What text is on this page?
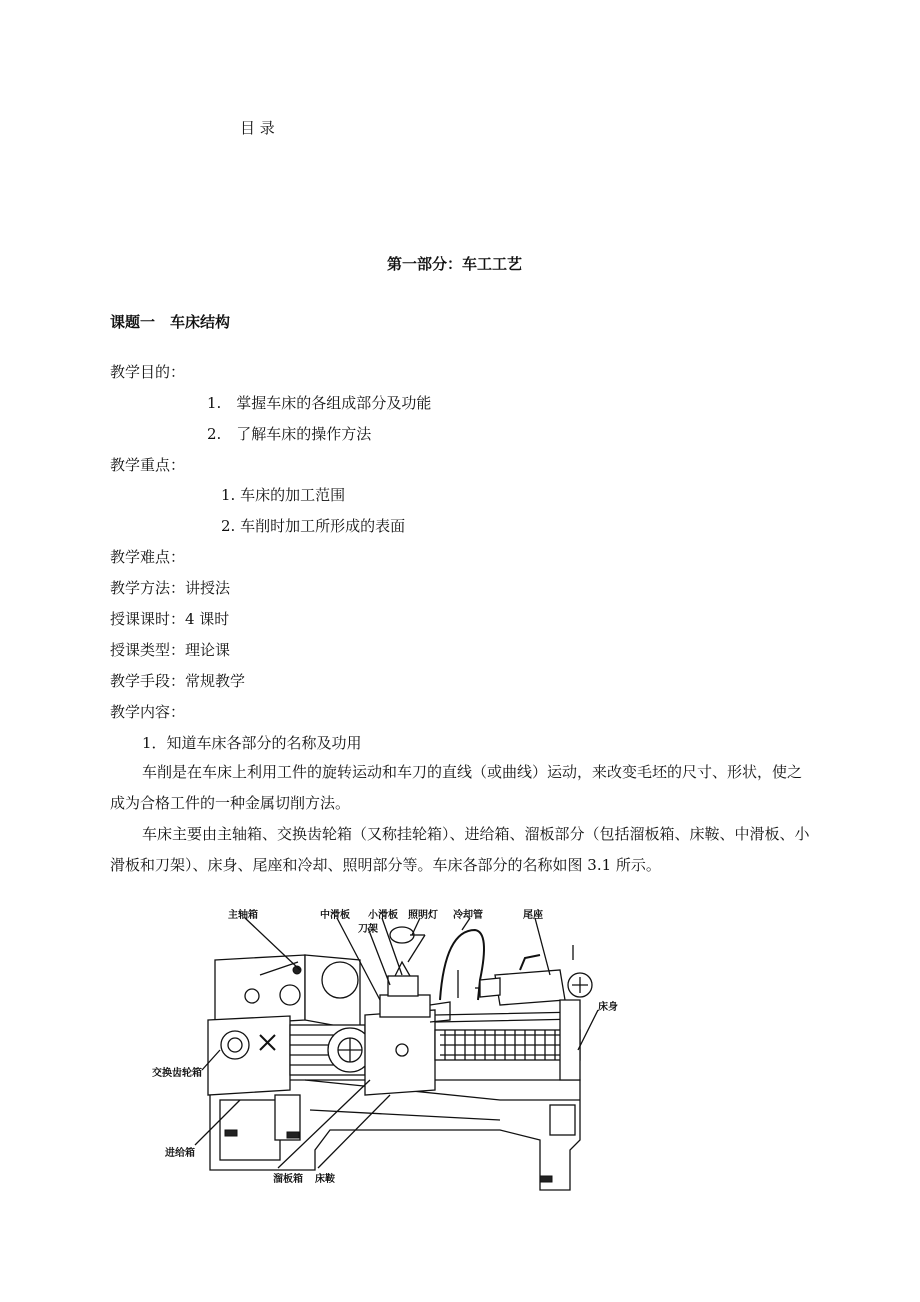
目 录
第一部分：车工工艺
课题一　车床结构
教学目的：
1.　掌握车床的各组成部分及功能
2.　了解车床的操作方法
教学重点：
1. 车床的加工范围
2. 车削时加工所形成的表面
教学难点：
教学方法：讲授法
授课课时：4 课时
授课类型：理论课
教学手段：常规教学
教学内容：
1．知道车床各部分的名称及功用
车削是在车床上利用工件的旋转运动和车刀的直线（或曲线）运动，来改变毛坯的尺寸、形状，使之成为合格工件的一种金属切削方法。
车床主要由主轴箱、交换齿轮箱（又称挂轮箱）、进给箱、溜板部分（包括溜板箱、床鞍、中滑板、小滑板和刀架）、床身、尾座和冷却、照明部分等。车床各部分的名称如图 3.1 所示。
主轴箱	中滑板 小滑板 照明灯 冷却管	尾座
刀架
床身
交换齿轮箱
进给箱
溜板箱 床鞍
